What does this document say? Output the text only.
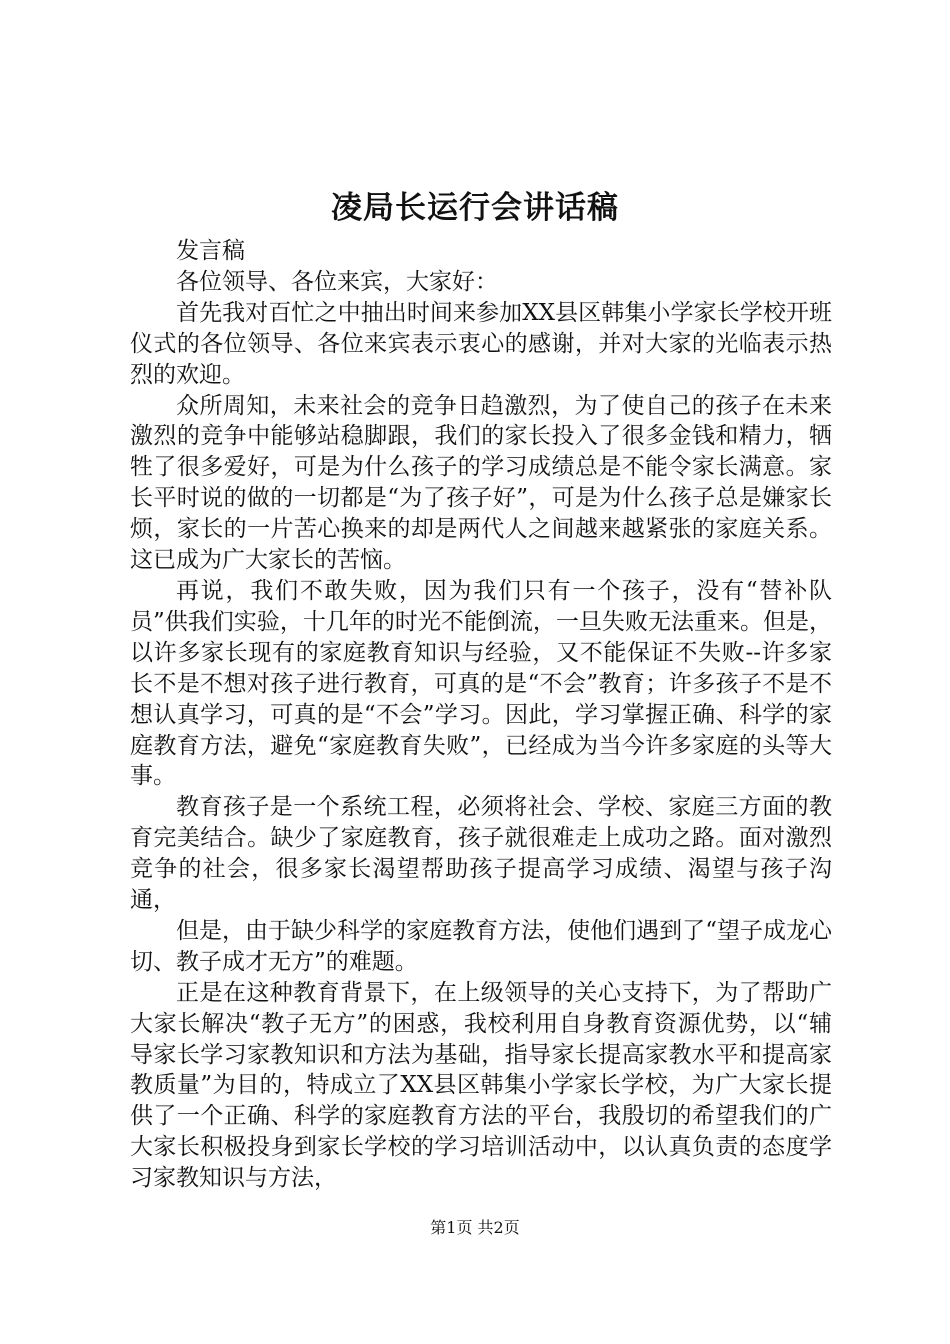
凌局长运行会讲话稿

发言稿

各位领导、各位来宾，大家好：

首先我对百忙之中抽出时间来参加XX县区韩集小学家长学校开班仪式的各位领导、各位来宾表示衷心的感谢，并对大家的光临表示热烈的欢迎。

众所周知，未来社会的竞争日趋激烈，为了使自己的孩子在未来激烈的竞争中能够站稳脚跟，我们的家长投入了很多金钱和精力，牺牲了很多爱好，可是为什么孩子的学习成绩总是不能令家长满意。家长平时说的做的一切都是“为了孩子好”，可是为什么孩子总是嫌家长烦，家长的一片苦心换来的却是两代人之间越来越紧张的家庭关系。这已成为广大家长的苦恼。

再说，我们不敢失败，因为我们只有一个孩子，没有“替补队员”供我们实验，十几年的时光不能倒流，一旦失败无法重来。但是，以许多家长现有的家庭教育知识与经验，又不能保证不失败--许多家长不是不想对孩子进行教育，可真的是“不会”教育；许多孩子不是不想认真学习，可真的是“不会”学习。因此，学习掌握正确、科学的家庭教育方法，避免“家庭教育失败”，已经成为当今许多家庭的头等大事。

教育孩子是一个系统工程，必须将社会、学校、家庭三方面的教育完美结合。缺少了家庭教育，孩子就很难走上成功之路。面对激烈竞争的社会，很多家长渴望帮助孩子提高学习成绩、渴望与孩子沟通，

但是，由于缺少科学的家庭教育方法，使他们遇到了“望子成龙心切、教子成才无方”的难题。

正是在这种教育背景下，在上级领导的关心支持下，为了帮助广大家长解决“教子无方”的困惑，我校利用自身教育资源优势，以“辅导家长学习家教知识和方法为基础，指导家长提高家教水平和提高家教质量”为目的，特成立了XX县区韩集小学家长学校，为广大家长提供了一个正确、科学的家庭教育方法的平台，我殷切的希望我们的广大家长积极投身到家长学校的学习培训活动中，以认真负责的态度学习家教知识与方法，

第1页 共2页
